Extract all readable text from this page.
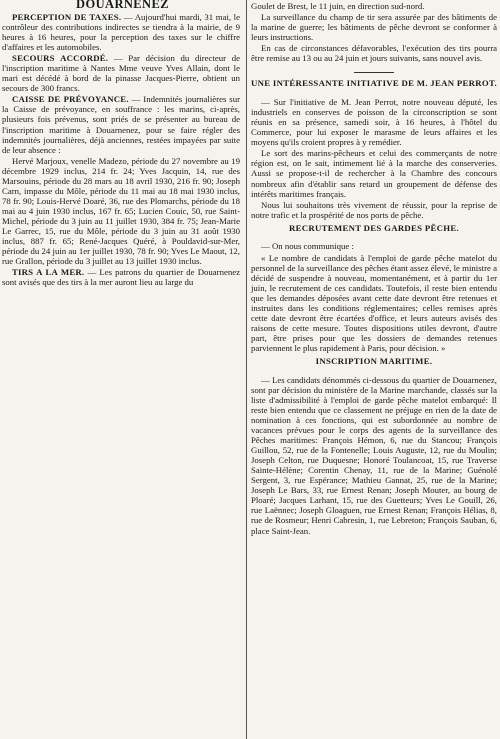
DOUARNENEZ

PERCEPTION DE TAXES. — Aujourd'hui mardi, 31 mai, le contrôleur des contributions indirectes se tiendra à la mairie, de 9 heures à 16 heures, pour la perception des taxes sur le chiffre d'affaires et les automobiles.

SECOURS ACCORDÉ. — Par décision du directeur de l'inscription maritime à Nantes Mme veuve Yves Allain, dont le mari est décédé à bord de la pinasse Jacques-Pierre, obtient un secours de 300 francs.

CAISSE DE PRÉVOYANCE. — Indemnités journalières sur la Caisse de prévoyance, en souffrance : les marins, ci-après, plusieurs fois prévenus, sont priés de se présenter au bureau de l'inscription maritime à Douarnenez, pour se faire régler des indemnités journalières, déjà anciennes, restées impayées par suite de leur absence :

Hervé Marjoux, venelle Madezo, période du 27 novembre au 19 décembre 1929 inclus, 214 fr. 24; Yves Jacquin, 14, rue des Marsouins, période du 28 mars au 18 avril 1930, 216 fr. 90; Joseph Carn, impasse du Môle, période du 11 mai au 18 mai 1930 inclus, 78 fr. 90; Louis-Hervé Doaré, 36, rue des Plomarchs, période du 18 mai au 4 juin 1930 inclus, 167 fr. 65; Lucien Couic, 50, rue Saint-Michel, période du 3 juin au 11 juillet 1930, 384 fr. 75; Jean-Marie Le Garrec, 15, rue du Môle, période du 3 juin au 31 août 1930 inclus, 887 fr. 65; René-Jacques Quéré, à Pouldavid-sur-Mer, période du 24 juin au 1er juillet 1930, 78 fr. 90; Yves Le Maout, 12, rue Grallon, période du 3 juillet au 13 juillet 1930 inclus.

TIRS A LA MER. — Les patrons du quartier de Douarnenez sont avisés que des tirs à la mer auront lieu au large du

Goulet de Brest, le 11 juin, en direction sud-nord.

La surveillance du champ de tir sera assurée par des bâtiments de la marine de guerre; les bâtiments de pêche devront se conformer à leurs instructions.

En cas de circonstances défavorables, l'exécution des tirs pourra être remise au 13 ou au 24 juin et jours suivants, sans nouvel avis.

UNE INTÉRESSANTE INITIATIVE DE M. JEAN PERROT.

— Sur l'initiative de M. Jean Perrot, notre nouveau député, les industriels en conserves de poisson de la circonscription se sont réunis en sa présence, samedi soir, à 16 heures, à l'hôtel du Commerce, pour lui exposer le marasme de leurs affaires et les moyens qu'ils croient propres à y remédier.

Le sort des marins-pêcheurs et celui des commerçants de notre région est, on le sait, intimement lié à la marche des conserveries. Aussi se propose-t-il de rechercher à la Chambre des concours nombreux afin d'établir sans retard un groupement de défense des intérêts maritimes français.

Nous lui souhaitons très vivement de réussir, pour la reprise de notre trafic et la prospérité de nos ports de pêche.

RECRUTEMENT DES GARDES PÊCHE.

— On nous communique :

« Le nombre de candidats à l'emploi de garde pêche matelot du personnel de la surveillance des pêches étant assez élevé, le ministre a décidé de suspendre à nouveau, momentanément, et à partir du 1er juin, le recrutement de ces candidats. Toutefois, il reste bien entendu que les demandes déposées avant cette date devront être retenues et instruites dans les conditions réglementaires; celles remises après cette date devront être écartées d'office, et leurs auteurs avisés des raisons de cette mesure. Toutes dispositions utiles devront, d'autre part, être prises pour que les dossiers de demandes retenues parviennent le plus rapidement à Paris, pour décision. »

INSCRIPTION MARITIME.

— Les candidats dénommés ci-dessous du quartier de Douarnenez, sont par décision du ministère de la Marine marchande, classés sur la liste d'admissibilité à l'emploi de garde pêche matelot embarqué: Il reste bien entendu que ce classement ne préjuge en rien de la date de nomination à ces fonctions, qui est subordonnée au nombre de vacances prévues pour le corps des agents de la surveillance des Pêches maritimes: François Hémon, 6, rue du Stancou; François Guillou, 52, rue de la Fontenelle; Louis Auguste, 12, rue du Moulin; Joseph Celton, rue Duquesne; Honoré Toulancoat, 15, rue Traverse Sainte-Hélène; Corentin Chenay, 11, rue de la Marine; Guénolé Sergent, 3, rue Espérance; Mathieu Gannat, 25, rue de la Marine; Joseph Le Bars, 33, rue Ernest Renan; Joseph Mouter, au bourg de Ploaré; Jacques Larhant, 15, rue des Guetteurs; Yves Le Gouill, 26, rue Laënnec; Joseph Gloaguen, rue Ernest Renan; François Hélias, 8, rue de Rosmeur; Henri Cabresin, 1, rue Lebreton; François Sauban, 6, place Saint-Jean.
